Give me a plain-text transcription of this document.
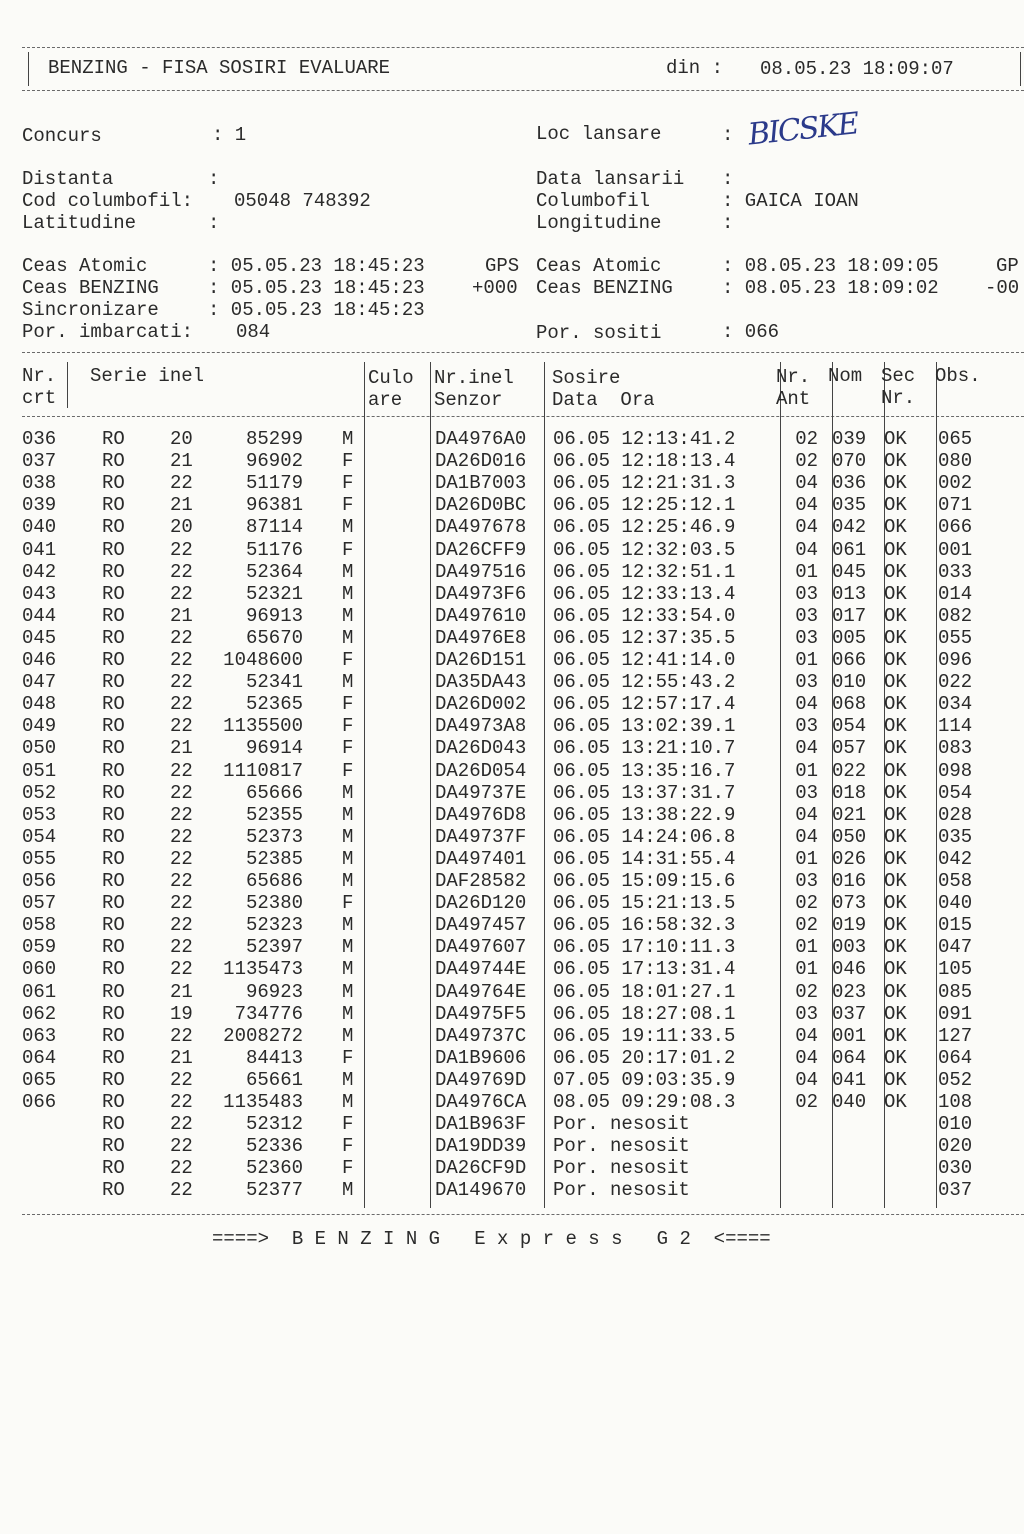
BENZING - FISA SOSIRI EVALUARE	din : 08.05.23 18:09:07
Concurs	: 1	Loc lansare	: BICSKE
Distanta	:	Data lansarii :
Cod columbofil: 05048 748392	Columbofil	: GAICA IOAN
Latitudine	:	Longitudine	:
Ceas Atomic	: 05.05.23 18:45:23	GPS Ceas Atomic	: 08.05.23 18:09:05	GP
Ceas BENZING	: 05.05.23 18:45:23 +000 Ceas BENZING	: 08.05.23 18:09:02 -00
Sincronizare	: 05.05.23 18:45:23
Por. imbarcati: 084	Por. sositi	: 066
Nr.
crt
Serie inel	Culo
are
Nr.inel
Senzor
Sosire
Data  Ora
Nr.
Ant
Nom Sec
Nr.
Obs.
036	RO	20	85299 M	DA4976A0	06.05 12:13:41.2	02 039 OK	065
037	RO	21	96902 F	DA26D016	06.05 12:18:13.4	02 070 OK	080
038	RO	22	51179 F	DA1B7003	06.05 12:21:31.3	04 036 OK	002
039	RO	21	96381 F	DA26D0BC	06.05 12:25:12.1	04 035 OK	071
040	RO	20	87114 M	DA497678	06.05 12:25:46.9	04 042 OK	066
041	RO	22	51176 F	DA26CFF9	06.05 12:32:03.5	04 061 OK	001
042	RO	22	52364 M	DA497516	06.05 12:32:51.1	01 045 OK	033
043	RO	22	52321 M	DA4973F6	06.05 12:33:13.4	03 013 OK	014
044	RO	21	96913 M	DA497610	06.05 12:33:54.0	03 017 OK	082
045	RO	22	65670 M	DA4976E8	06.05 12:37:35.5	03 005 OK	055
046	RO	22	1048600 F	DA26D151	06.05 12:41:14.0	01 066 OK	096
047	RO	22	52341 M	DA35DA43	06.05 12:55:43.2	03 010 OK	022
048	RO	22	52365 F	DA26D002	06.05 12:57:17.4	04 068 OK	034
049	RO	22	1135500 F	DA4973A8	06.05 13:02:39.1	03 054 OK	114
050	RO	21	96914 F	DA26D043	06.05 13:21:10.7	04 057 OK	083
051	RO	22	1110817 F	DA26D054	06.05 13:35:16.7	01 022 OK	098
052	RO	22	65666 M	DA49737E	06.05 13:37:31.7	03 018 OK	054
053	RO	22	52355 M	DA4976D8	06.05 13:38:22.9	04 021 OK	028
054	RO	22	52373 M	DA49737F	06.05 14:24:06.8	04 050 OK	035
055	RO	22	52385 M	DA497401	06.05 14:31:55.4	01 026 OK	042
056	RO	22	65686 M	DAF28582	06.05 15:09:15.6	03 016 OK	058
057	RO	22	52380 F	DA26D120	06.05 15:21:13.5	02 073 OK	040
058	RO	22	52323 M	DA497457	06.05 16:58:32.3	02 019 OK	015
059	RO	22	52397 M	DA497607	06.05 17:10:11.3	01 003 OK	047
060	RO	22	1135473 M	DA49744E	06.05 17:13:31.4	01 046 OK	105
061	RO	21	96923 M	DA49764E	06.05 18:01:27.1	02 023 OK	085
062	RO	19	734776 M	DA4975F5	06.05 18:27:08.1	03 037 OK	091
063	RO	22	2008272 M	DA49737C	06.05 19:11:33.5	04 001 OK	127
064	RO	21	84413 F	DA1B9606	06.05 20:17:01.2	04 064 OK	064
065	RO	22	65661 M	DA49769D	07.05 09:03:35.9	04 041 OK	052
066	RO	22	1135483 M	DA4976CA	08.05 09:29:08.3	02 040 OK	108
RO	22	52312 F	DA1B963F	Por. nesosit	010
RO	22	52336 F	DA19DD39	Por. nesosit	020
RO	22	52360 F	DA26CF9D	Por. nesosit	030
RO	22	52377 M	DA149670	Por. nesosit	037
====>  B E N Z I N G   E x p r e s s   G 2  <====
